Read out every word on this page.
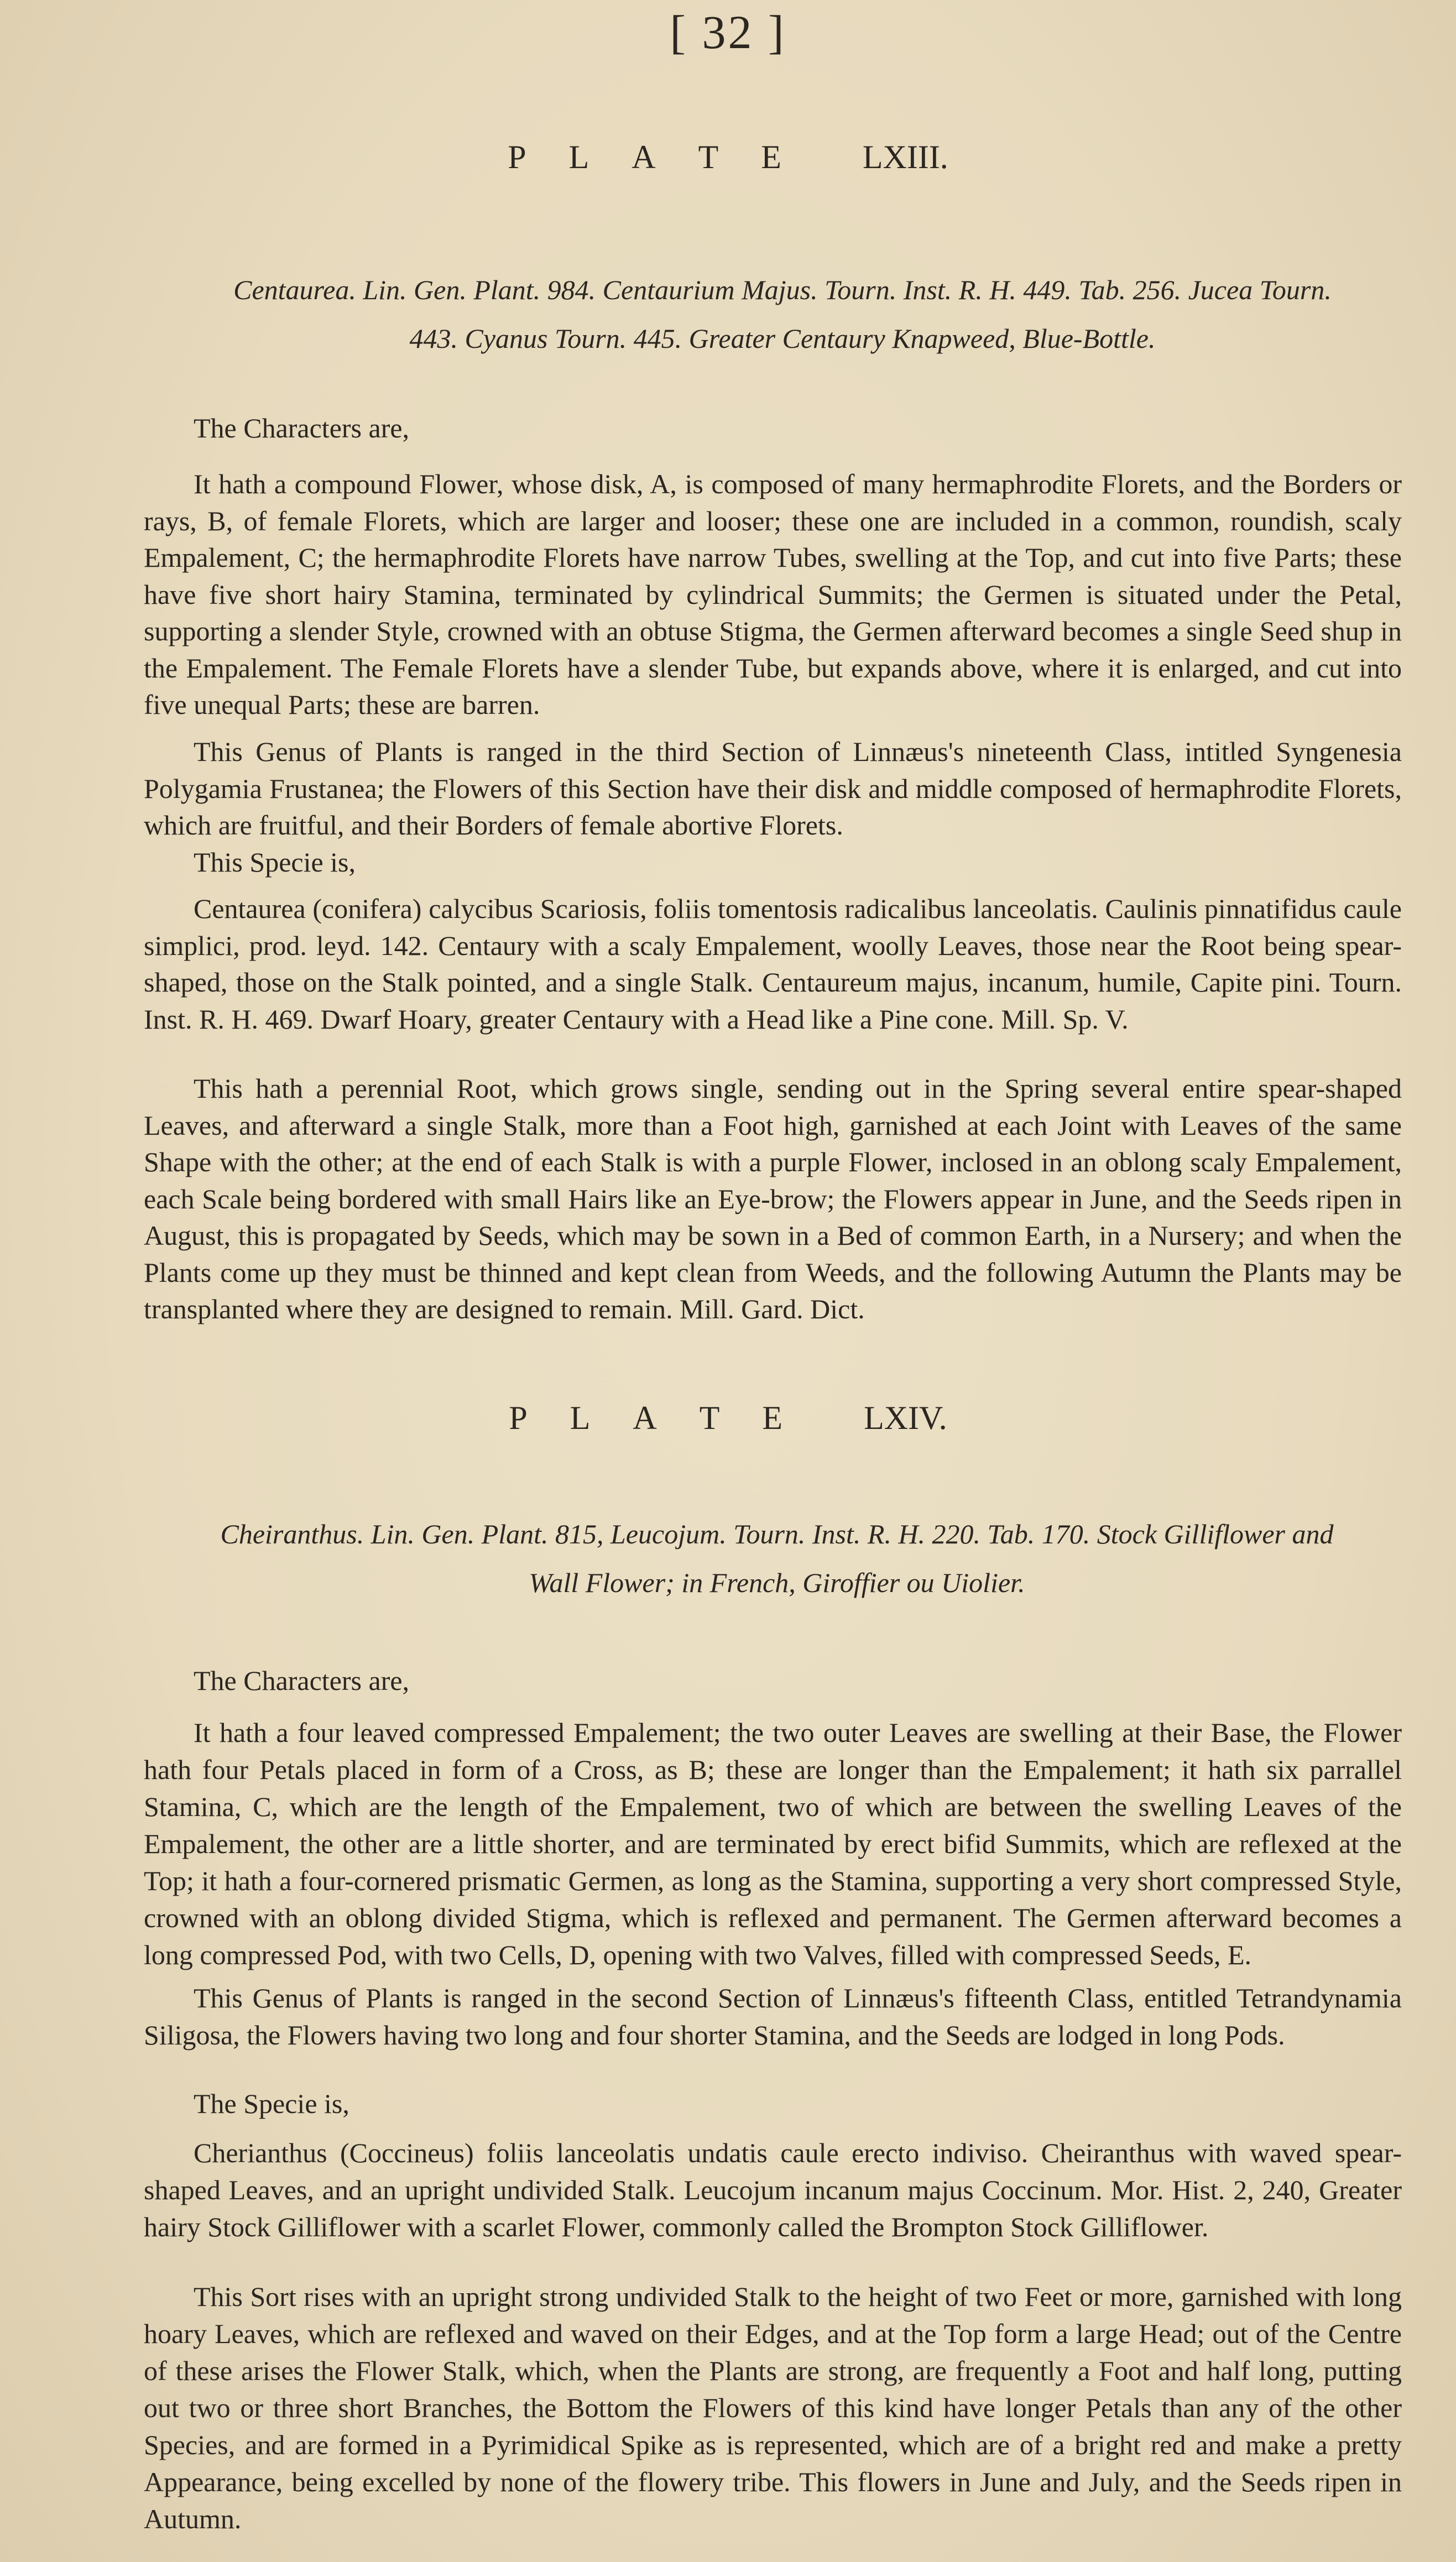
[ 32 ]
P L A T E LXIII.
Centaurea. Lin. Gen. Plant. 984. Centaurium Majus. Tourn. Inst. R. H. 449. Tab. 256. Jucea Tourn.
443. Cyanus Tourn. 445. Greater Centaury Knapweed, Blue-Bottle.
The Characters are,
It hath a compound Flower, whose disk, A, is composed of many hermaphrodite Florets, and the Borders or rays, B, of female Florets, which are larger and looser; these one are included in a common, roundish, scaly Empalement, C; the hermaphrodite Florets have narrow Tubes, swelling at the Top, and cut into five Parts; these have five short hairy Stamina, terminated by cylindrical Summits; the Germen is situated under the Petal, supporting a slender Style, crowned with an obtuse Stigma, the Germen afterward becomes a single Seed shup in the Empalement. The Female Florets have a slender Tube, but expands above, where it is enlarged, and cut into five unequal Parts; these are barren.
This Genus of Plants is ranged in the third Section of Linnæus's nineteenth Class, intitled Syngenesia Polygamia Frustanea; the Flowers of this Section have their disk and middle composed of hermaphrodite Florets, which are fruitful, and their Borders of female abortive Florets.
This Specie is,
Centaurea (conifera) calycibus Scariosis, foliis tomentosis radicalibus lanceolatis. Caulinis pinnatifidus caule simplici, prod. leyd. 142. Centaury with a scaly Empalement, woolly Leaves, those near the Root being spear-shaped, those on the Stalk pointed, and a single Stalk. Centaureum majus, incanum, humile, Capite pini. Tourn. Inst. R. H. 469. Dwarf Hoary, greater Centaury with a Head like a Pine cone. Mill. Sp. V.
This hath a perennial Root, which grows single, sending out in the Spring several entire spear-shaped Leaves, and afterward a single Stalk, more than a Foot high, garnished at each Joint with Leaves of the same Shape with the other; at the end of each Stalk is with a purple Flower, inclosed in an oblong scaly Empalement, each Scale being bordered with small Hairs like an Eye-brow; the Flowers appear in June, and the Seeds ripen in August, this is propagated by Seeds, which may be sown in a Bed of common Earth, in a Nursery; and when the Plants come up they must be thinned and kept clean from Weeds, and the following Autumn the Plants may be transplanted where they are designed to remain. Mill. Gard. Dict.
P L A T E LXIV.
Cheiranthus. Lin. Gen. Plant. 815, Leucojum. Tourn. Inst. R. H. 220. Tab. 170. Stock Gilliflower and
Wall Flower; in French, Giroffier ou Uiolier.
The Characters are,
It hath a four leaved compressed Empalement; the two outer Leaves are swelling at their Base, the Flower hath four Petals placed in form of a Cross, as B; these are longer than the Empalement; it hath six parrallel Stamina, C, which are the length of the Empalement, two of which are between the swelling Leaves of the Empalement, the other are a little shorter, and are terminated by erect bifid Summits, which are reflexed at the Top; it hath a four-cornered prismatic Germen, as long as the Stamina, supporting a very short compressed Style, crowned with an oblong divided Stigma, which is reflexed and permanent. The Germen afterward becomes a long compressed Pod, with two Cells, D, opening with two Valves, filled with compressed Seeds, E.
This Genus of Plants is ranged in the second Section of Linnæus's fifteenth Class, entitled Tetrandynamia Siligosa, the Flowers having two long and four shorter Stamina, and the Seeds are lodged in long Pods.
The Specie is,
Cherianthus (Coccineus) foliis lanceolatis undatis caule erecto indiviso. Cheiranthus with waved spear-shaped Leaves, and an upright undivided Stalk. Leucojum incanum majus Coccinum. Mor. Hist. 2, 240, Greater hairy Stock Gilliflower with a scarlet Flower, commonly called the Brompton Stock Gilliflower.
This Sort rises with an upright strong undivided Stalk to the height of two Feet or more, garnished with long hoary Leaves, which are reflexed and waved on their Edges, and at the Top form a large Head; out of the Centre of these arises the Flower Stalk, which, when the Plants are strong, are frequently a Foot and half long, putting out two or three short Branches, the Bottom the Flowers of this kind have longer Petals than any of the other Species, and are formed in a Pyrimidical Spike as is represented, which are of a bright red and make a pretty Appearance, being excelled by none of the flowery tribe. This flowers in June and July, and the Seeds ripen in Autumn.
